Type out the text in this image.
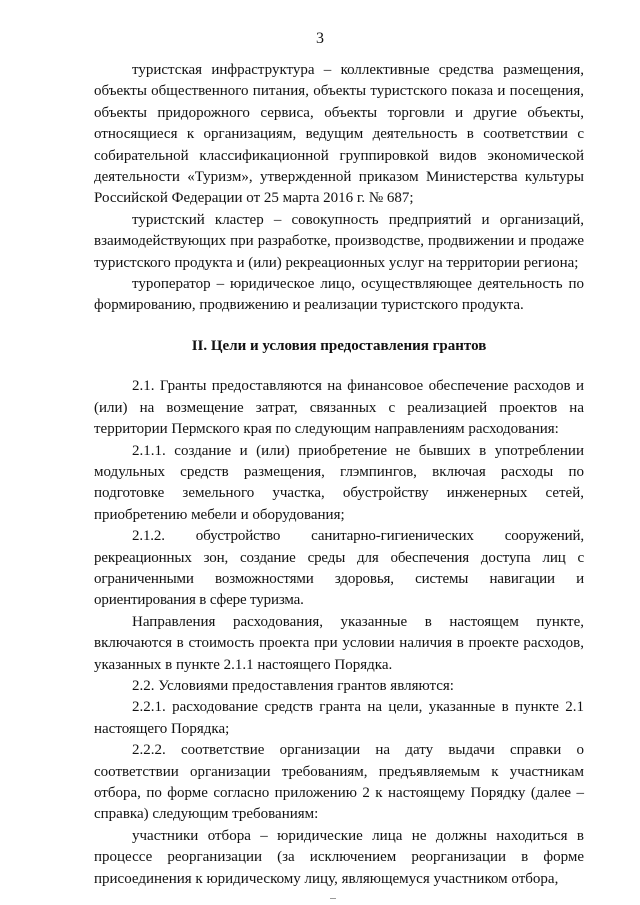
3

туристская инфраструктура – коллективные средства размещения, объекты общественного питания, объекты туристского показа и посещения, объекты придорожного сервиса, объекты торговли и другие объекты, относящиеся к организациям, ведущим деятельность в соответствии с собирательной классификационной группировкой видов экономической деятельности «Туризм», утвержденной приказом Министерства культуры Российской Федерации от 25 марта 2016 г. № 687;

туристский кластер – совокупность предприятий и организаций, взаимодействующих при разработке, производстве, продвижении и продаже туристского продукта и (или) рекреационных услуг на территории региона;

туроператор – юридическое лицо, осуществляющее деятельность по формированию, продвижению и реализации туристского продукта.

II. Цели и условия предоставления грантов

2.1. Гранты предоставляются на финансовое обеспечение расходов и (или) на возмещение затрат, связанных с реализацией проектов на территории Пермского края по следующим направлениям расходования:

2.1.1. создание и (или) приобретение не бывших в употреблении модульных средств размещения, глэмпингов, включая расходы по подготовке земельного участка, обустройству инженерных сетей, приобретению мебели и оборудования;

2.1.2. обустройство санитарно-гигиенических сооружений, рекреационных зон, создание среды для обеспечения доступа лиц с ограниченными возможностями здоровья, системы навигации и ориентирования в сфере туризма.

Направления расходования, указанные в настоящем пункте, включаются в стоимость проекта при условии наличия в проекте расходов, указанных в пункте 2.1.1 настоящего Порядка.

2.2. Условиями предоставления грантов являются:

2.2.1. расходование средств гранта на цели, указанные в пункте 2.1 настоящего Порядка;

2.2.2. соответствие организации на дату выдачи справки о соответствии организации требованиям, предъявляемым к участникам отбора, по форме согласно приложению 2 к настоящему Порядку (далее – справка) следующим требованиям:

участники отбора – юридические лица не должны находиться в процессе реорганизации (за исключением реорганизации в форме присоединения к юридическому лицу, являющемуся участником отбора,
